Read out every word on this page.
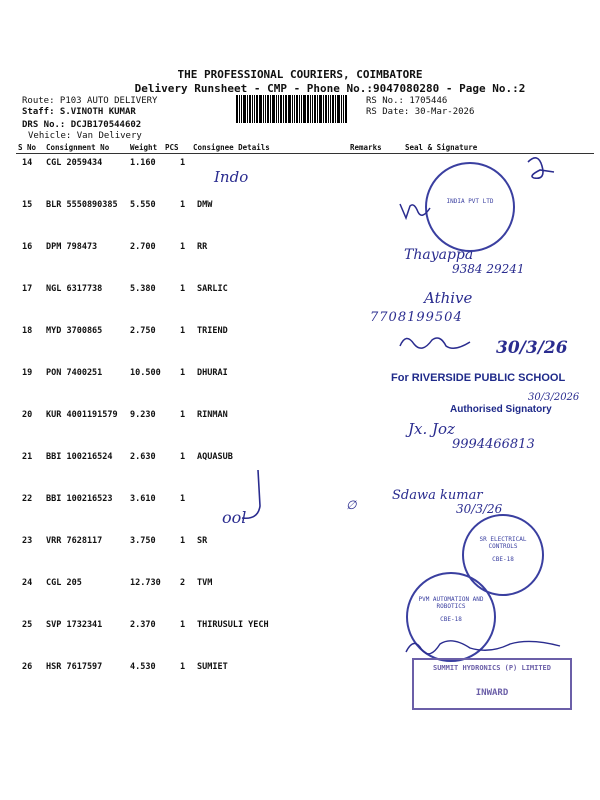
THE PROFESSIONAL COURIERS, COIMBATORE
Delivery Runsheet - CMP - Phone No.:9047080280 - Page No.:2
Route: P103 AUTO DELIVERY
Staff: S.VINOTH KUMAR
DRS No.: DCJB170544602
Vehicle: Van Delivery
RS No.: 1705446
RS Date: 30-Mar-2026
S No Consignment No	Weight PCS Consignee Details	Remarks	Seal & Signature
14 CGL 2059434	1.160	1
15 BLR 5550890385 5.550	1 DMW
16 DPM 798473	2.700	1 RR
17 NGL 6317738	5.380	1 SARLIC
18 MYD 3700865	2.750	1 TRIEND
19 PON 7400251	10.500 1 DHURAI
20 KUR 4001191579 9.230	1 RINMAN
21 BBI 100216524 2.630	1 AQUASUB
22 BBI 100216523 3.610	1
23 VRR 7628117	3.750	1 SR
24 CGL 205	12.730 2 TVM
25 SVP 1732341	2.370	1 THIRUSULI YECH
26 HSR 7617597	4.530	1 SUMIET
Indo
INDIA PVT LTD
Thayappa
9384 29241
Athive
7708199504
30/3/26
For RIVERSIDE PUBLIC SCHOOL
30/3/2026
Authorised Signatory
Jx. Joz
9994466813
ool
∅
Sdawa kumar
30/3/26
SR ELECTRICAL CONTROLS
CBE-18
PVM AUTOMATION AND ROBOTICS
CBE-18
SUMMIT HYDRONICS (P) LIMITED
INWARD
